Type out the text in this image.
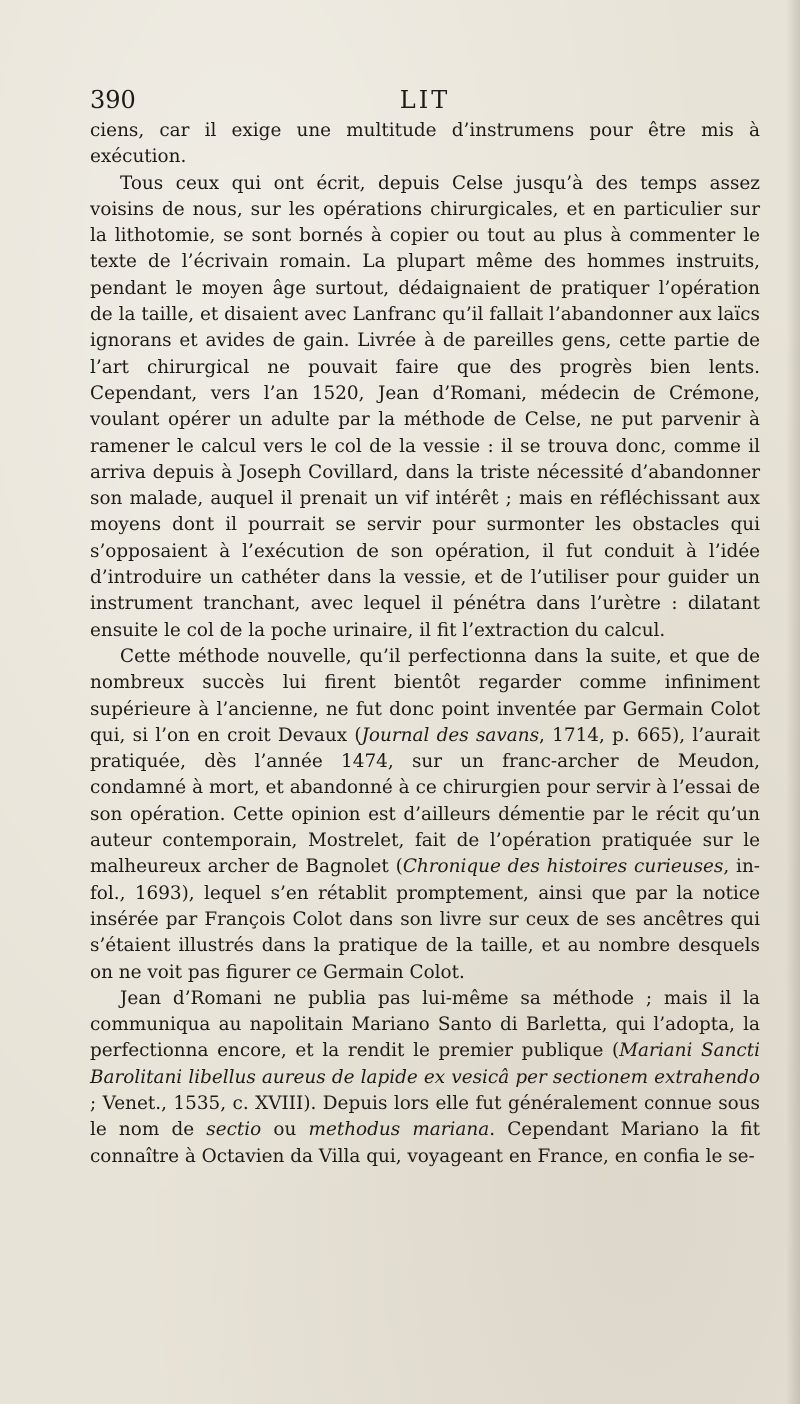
390	LIT

ciens, car il exige une multitude d’instrumens pour être mis à exécution.

Tous ceux qui ont écrit, depuis Celse jusqu’à des temps assez voisins de nous, sur les opérations chirurgicales, et en particulier sur la lithotomie, se sont bornés à copier ou tout au plus à commenter le texte de l’écrivain romain. La plupart même des hommes instruits, pendant le moyen âge surtout, dédaignaient de pratiquer l’opération de la taille, et disaient avec Lanfranc qu’il fallait l’abandonner aux laïcs ignorans et avides de gain. Livrée à de pareilles gens, cette partie de l’art chirurgical ne pouvait faire que des progrès bien lents. Cependant, vers l’an 1520, Jean d’Romani, médecin de Crémone, voulant opérer un adulte par la méthode de Celse, ne put parvenir à ramener le calcul vers le col de la vessie : il se trouva donc, comme il arriva depuis à Joseph Covillard, dans la triste nécessité d’abandonner son malade, auquel il prenait un vif intérêt ; mais en réfléchissant aux moyens dont il pourrait se servir pour surmonter les obstacles qui s’opposaient à l’exécution de son opération, il fut conduit à l’idée d’introduire un cathéter dans la vessie, et de l’utiliser pour guider un instrument tranchant, avec lequel il pénétra dans l’urètre : dilatant ensuite le col de la poche urinaire, il fit l’extraction du calcul.

Cette méthode nouvelle, qu’il perfectionna dans la suite, et que de nombreux succès lui firent bientôt regarder comme infiniment supérieure à l’ancienne, ne fut donc point inventée par Germain Colot qui, si l’on en croit Devaux (Journal des savans, 1714, p. 665), l’aurait pratiquée, dès l’année 1474, sur un franc-archer de Meudon, condamné à mort, et abandonné à ce chirurgien pour servir à l’essai de son opération. Cette opinion est d’ailleurs démentie par le récit qu’un auteur contemporain, Mostrelet, fait de l’opération pratiquée sur le malheureux archer de Bagnolet (Chronique des histoires curieuses, in-fol., 1693), lequel s’en rétablit promptement, ainsi que par la notice insérée par François Colot dans son livre sur ceux de ses ancêtres qui s’étaient illustrés dans la pratique de la taille, et au nombre desquels on ne voit pas figurer ce Germain Colot.

Jean d’Romani ne publia pas lui-même sa méthode ; mais il la communiqua au napolitain Mariano Santo di Barletta, qui l’adopta, la perfectionna encore, et la rendit le premier publique (Mariani Sancti Barolitani libellus aureus de lapide ex vesicâ per sectionem extrahendo ; Venet., 1535, c. XVIII). Depuis lors elle fut généralement connue sous le nom de sectio ou methodus mariana. Cependant Mariano la fit connaître à Octavien da Villa qui, voyageant en France, en confia le se-
